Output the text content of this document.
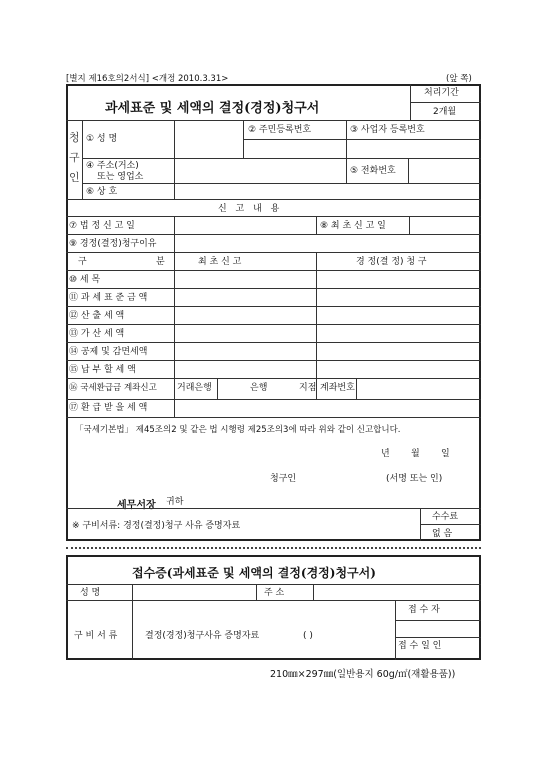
[별지 제16호의2서식] <개정 2010.3.31>	(앞 쪽)
과세표준 및 세액의 결정(경정)청구서
처리기간
2개월
청
구
인
① 성 명
② 주민등록번호	③ 사업자 등록번호
④ 주소(거소)
또는 영업소
⑤ 전화번호
⑥ 상 호
신 고 내 용
⑦ 법 정 신 고 일	⑧ 최 초 신 고 일
⑨ 경정(결정)청구이유
구	분	최 초 신 고	경 정(결 정) 청 구
⑩ 세 목
⑪ 과 세 표 준 금 액
⑫ 산 출 세 액
⑬ 가 산 세 액
⑭ 공제 및 감면세액
⑮ 납 부 할 세 액
⑯ 국세환급금 계좌신고 거래은행	은행	지점 계좌번호
⑰ 환 급 받 을 세 액
「국세기본법」 제45조의2 및 같은 법 시행령 제25조의3에 따라 위와 같이 신고합니다.
년 월 일
청구인	(서명 또는 인)
세무서장 귀하
※ 구비서류: 경정(결정)청구 사유 증명자료
수수료
없 음
접수증(과세표준 및 세액의 결정(경정)청구서)
성 명	주 소
접 수 자
접 수 일 인
구 비 서 류	결정(경정)청구사유 증명자료	( )
210㎜×297㎜(일반용지 60g/㎡(재활용품))
